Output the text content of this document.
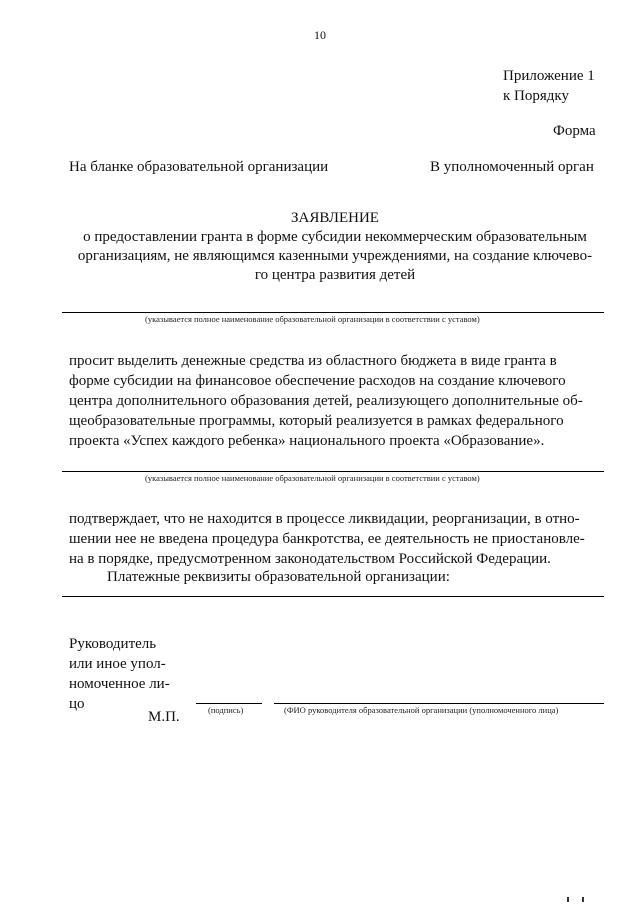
10
Приложение 1
к Порядку
Форма
На бланке образовательной организации	В уполномоченный орган
ЗАЯВЛЕНИЕ
о предоставлении гранта в форме субсидии некоммерческим образовательным
организациям, не являющимся казенными учреждениями, на создание ключево-
го центра развития детей
(указывается полное наименование образовательной организации в соответствии с уставом)
просит выделить денежные средства из областного бюджета в виде гранта в
форме субсидии на финансовое обеспечение расходов на создание ключевого
центра дополнительного образования детей, реализующего дополнительные об-
щеобразовательные программы, который реализуется в рамках федерального
проекта «Успех каждого ребенка» национального проекта «Образование».
(указывается полное наименование образовательной организации в соответствии с уставом)
подтверждает, что не находится в процессе ликвидации, реорганизации, в отно-
шении нее не введена процедура банкротства, ее деятельность не приостановле-
на в порядке, предусмотренном законодательством Российской Федерации.
Платежные реквизиты образовательной организации:
Руководитель
или иное упол-
номоченное ли-
цо
М.П.	(подпись)	(ФИО руководителя образовательной организации (уполномоченного лица)
